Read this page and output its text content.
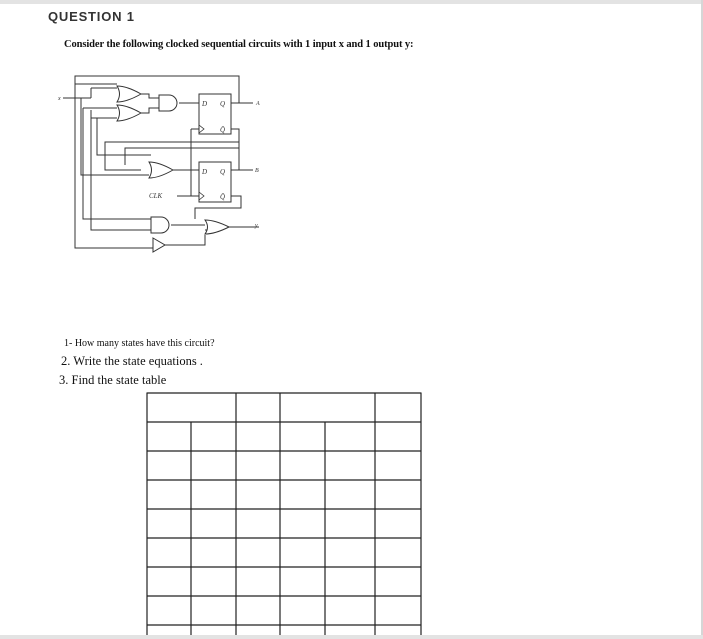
QUESTION 1
Consider the following clocked sequential circuits with 1 input x and 1 output y:
x
CLK
y
D Q
Q̄
A
D Q
Q̄
B
1- How many states have this circuit?
2. Write the state equations .
3. Find the state table
